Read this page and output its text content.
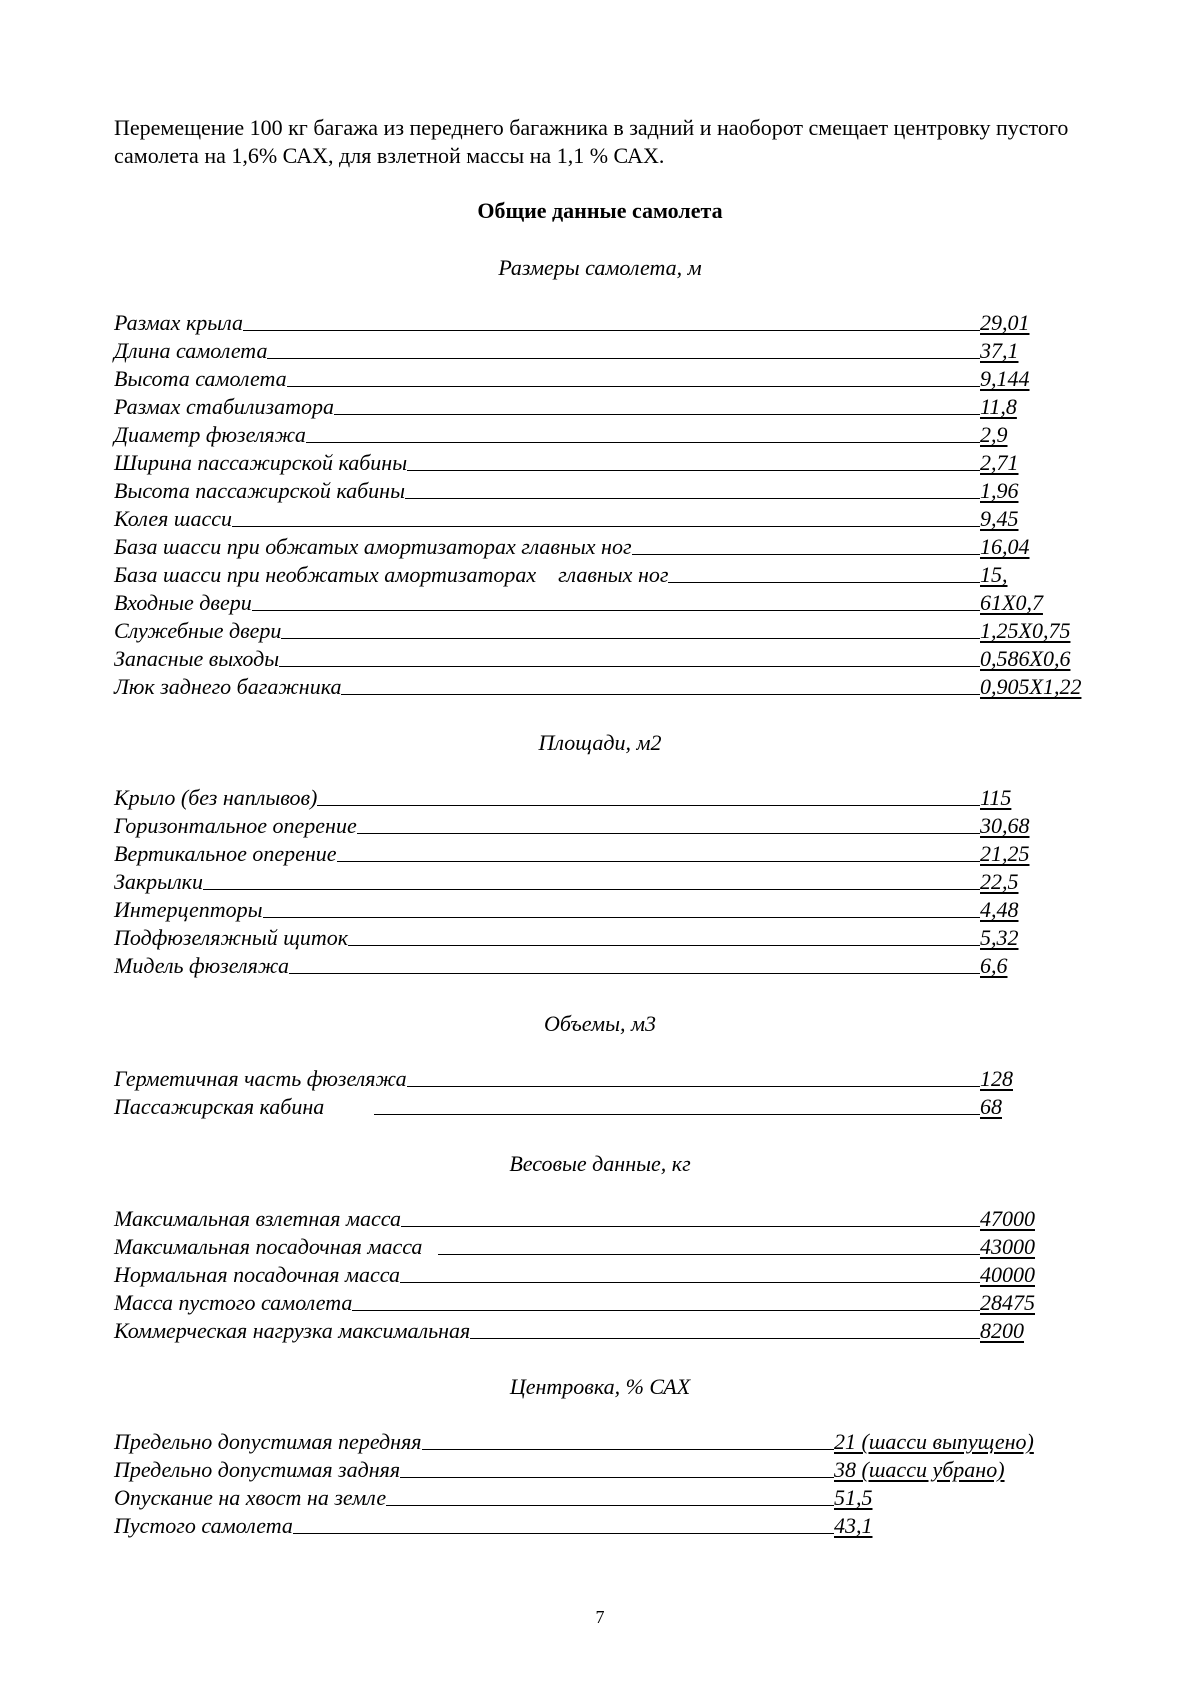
Перемещение 100 кг багажа из переднего багажника в задний и наоборот смещает центровку пустого самолета на 1,6% САХ, для взлетной массы на 1,1 % САХ.
Общие данные самолета
Размеры самолета, м
Размах крыла	29,01
Длина самолета	37,1
Высота самолета	9,144
Размах стабилизатора	11,8
Диаметр фюзеляжа	2,9
Ширина пассажирской кабины	2,71
Высота пассажирской кабины	1,96
Колея шасси	9,45
База шасси при обжатых амортизаторах главных ног	16,04
База шасси при необжатых амортизаторах    главных ног	15,
Входные двери	61Х0,7
Служебные двери	1,25Х0,75
Запасные выходы	0,586Х0,6
Люк заднего багажника	0,905Х1,22
Площади, м2
Крыло (без наплывов)	115
Горизонтальное оперение	30,68
Вертикальное оперение	21,25
Закрылки	22,5
Интерцепторы	4,48
Подфюзеляжный щиток	5,32
Мидель фюзеляжа	6,6
Объемы, м3
Герметичная часть фюзеляжа	128
Пассажирская кабина	68
Весовые данные, кг
Максимальная взлетная масса	47000
Максимальная посадочная масса	43000
Нормальная посадочная масса	40000
Масса пустого самолета	28475
Коммерческая нагрузка максимальная	8200
Центровка, % САХ
Предельно допустимая передняя	21 (шасси выпущено)
Предельно допустимая задняя	38 (шасси убрано)
Опускание на хвост на земле	51,5
Пустого самолета	43,1
7
